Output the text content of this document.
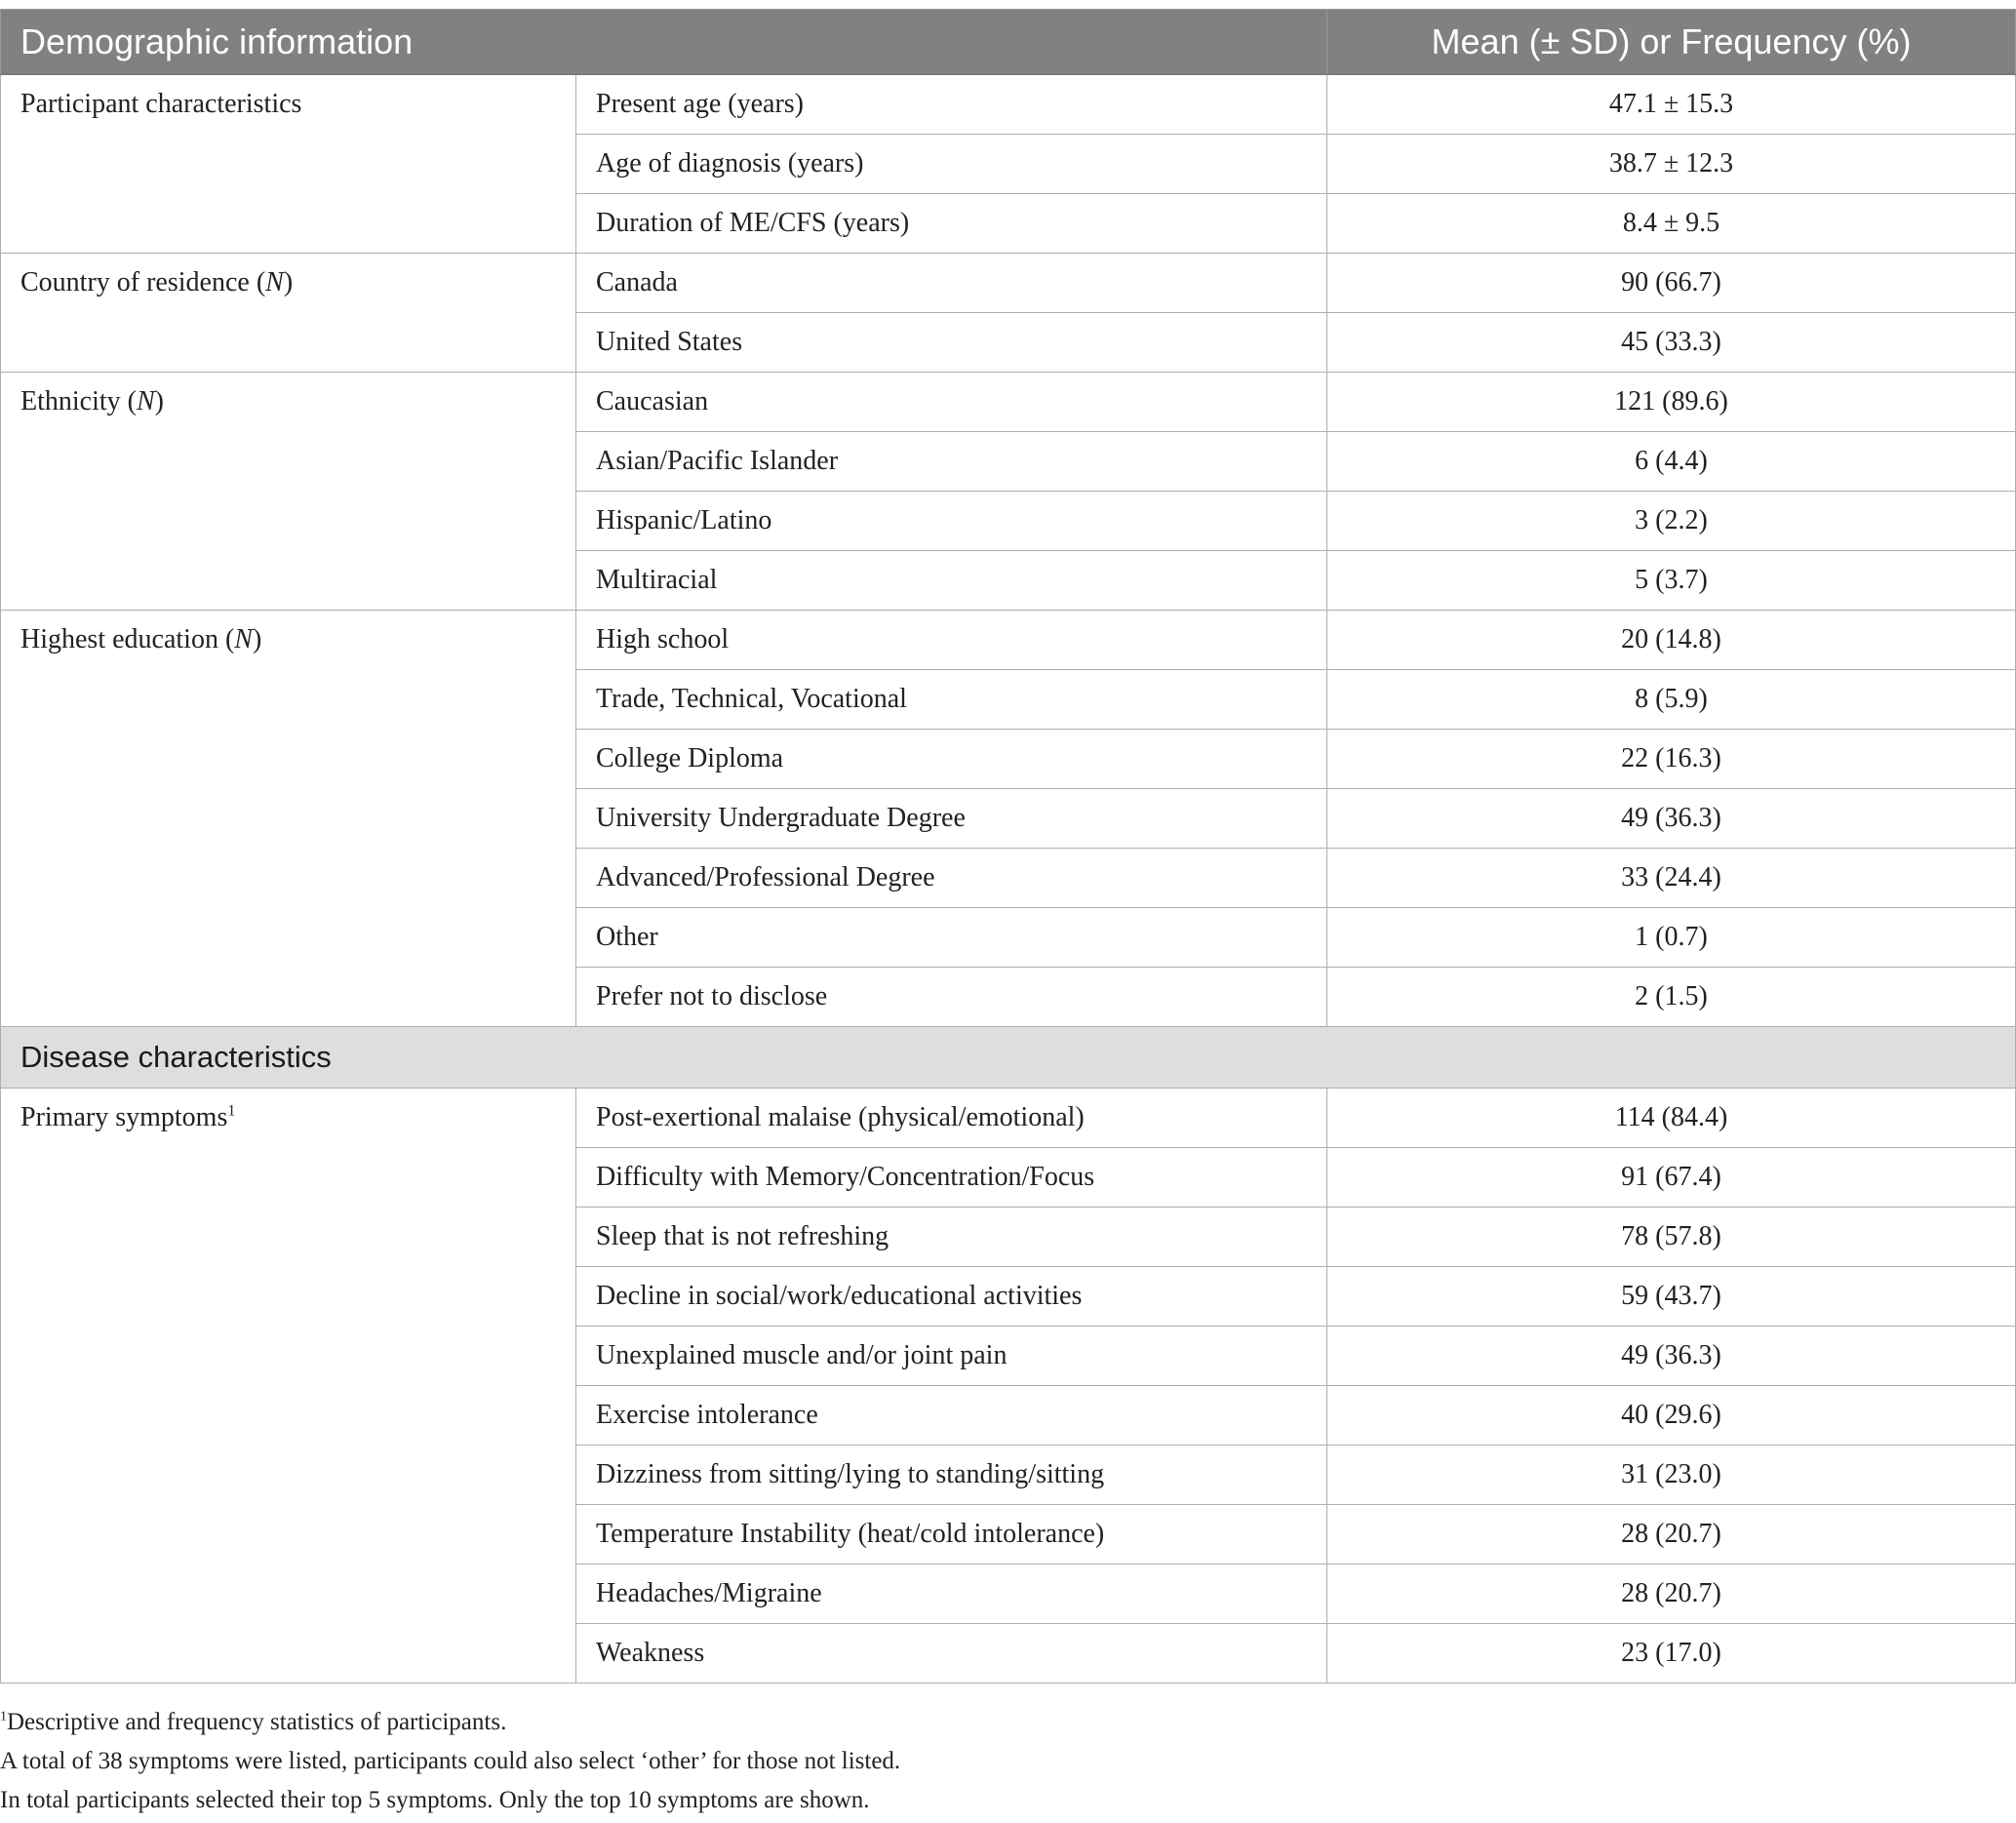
Demographic information		Mean (± SD) or Frequency (%)
Participant characteristics	Present age (years)	47.1 ± 15.3
	Age of diagnosis (years)	38.7 ± 12.3
	Duration of ME/CFS (years)	8.4 ± 9.5
Country of residence (N)	Canada	90 (66.7)
	United States	45 (33.3)
Ethnicity (N)	Caucasian	121 (89.6)
	Asian/Pacific Islander	6 (4.4)
	Hispanic/Latino	3 (2.2)
	Multiracial	5 (3.7)
Highest education (N)	High school	20 (14.8)
	Trade, Technical, Vocational	8 (5.9)
	College Diploma	22 (16.3)
	University Undergraduate Degree	49 (36.3)
	Advanced/Professional Degree	33 (24.4)
	Other	1 (0.7)
	Prefer not to disclose	2 (1.5)
Disease characteristics		
Primary symptoms$^1$	Post-exertional malaise (physical/emotional)	114 (84.4)
	Difficulty with Memory/Concentration/Focus	91 (67.4)
	Sleep that is not refreshing	78 (57.8)
	Decline in social/work/educational activities	59 (43.7)
	Unexplained muscle and/or joint pain	49 (36.3)
	Exercise intolerance	40 (29.6)
	Dizziness from sitting/lying to standing/sitting	31 (23.0)
	Temperature Instability (heat/cold intolerance)	28 (20.7)
	Headaches/Migraine	28 (20.7)
	Weakness	23 (17.0)
$^1$Descriptive and frequency statistics of participants.
A total of 38 symptoms were listed, participants could also select ‘other’ for those not listed.
In total participants selected their top 5 symptoms. Only the top 10 symptoms are shown.
